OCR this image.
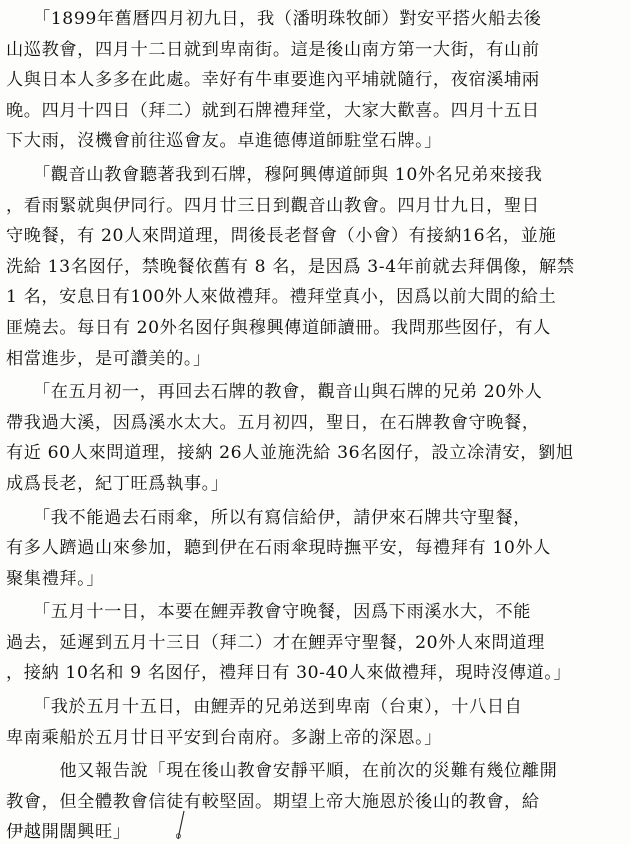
　　「1899年舊曆四月初九日，我（潘明珠牧師）對安平搭火船去後
山巡教會，四月十二日就到卑南街。這是後山南方第一大街，有山前
人與日本人多多在此處。幸好有牛車要進內平埔就隨行，夜宿溪埔兩
晚。四月十四日（拜二）就到石牌禮拜堂，大家大歡喜。四月十五日
下大雨，沒機會前往巡會友。卓進德傳道師駐堂石牌。」
　　「觀音山教會聽著我到石牌，穆阿興傳道師與 10外名兄弟來接我
，看雨緊就與伊同行。四月廿三日到觀音山教會。四月廿九日，聖日
守晚餐，有 20人來問道理，問後長老督會（小會）有接納16名，並施
洗給 13名囡仔，禁晚餐依舊有 8 名，是因爲 3-4年前就去拜偶像，解禁
1 名，安息日有100外人來做禮拜。禮拜堂真小，因爲以前大間的給土
匪燒去。每日有 20外名囡仔與穆興傳道師讀冊。我問那些囡仔，有人
相當進步，是可讚美的。」
　　「在五月初一，再回去石牌的教會，觀音山與石牌的兄弟 20外人
帶我過大溪，因爲溪水太大。五月初四，聖日，在石牌教會守晚餐，
有近 60人來問道理，接納 26人並施洗給 36名囡仔，設立凃清安，劉旭
成爲長老，紀丁旺爲執事。」
　　「我不能過去石雨傘，所以有寫信給伊，請伊來石牌共守聖餐，
有多人躋過山來參加，聽到伊在石雨傘現時撫平安，每禮拜有 10外人
聚集禮拜。」
　　「五月十一日，本要在鯉弄教會守晚餐，因爲下雨溪水大，不能
過去，延遲到五月十三日（拜二）才在鯉弄守聖餐，20外人來問道理
，接納 10名和 9 名囡仔，禮拜日有 30-40人來做禮拜，現時沒傳道。」
　　「我於五月十五日，由鯉弄的兄弟送到卑南（台東），十八日自
卑南乘船於五月廿日平安到台南府。多謝上帝的深恩。」
　　　他又報告說「現在後山教會安靜平順，在前次的災難有幾位離開
教會，但全體教會信徒有較堅固。期望上帝大施恩於後山的教會，給
伊越開闊興旺」　　　。
